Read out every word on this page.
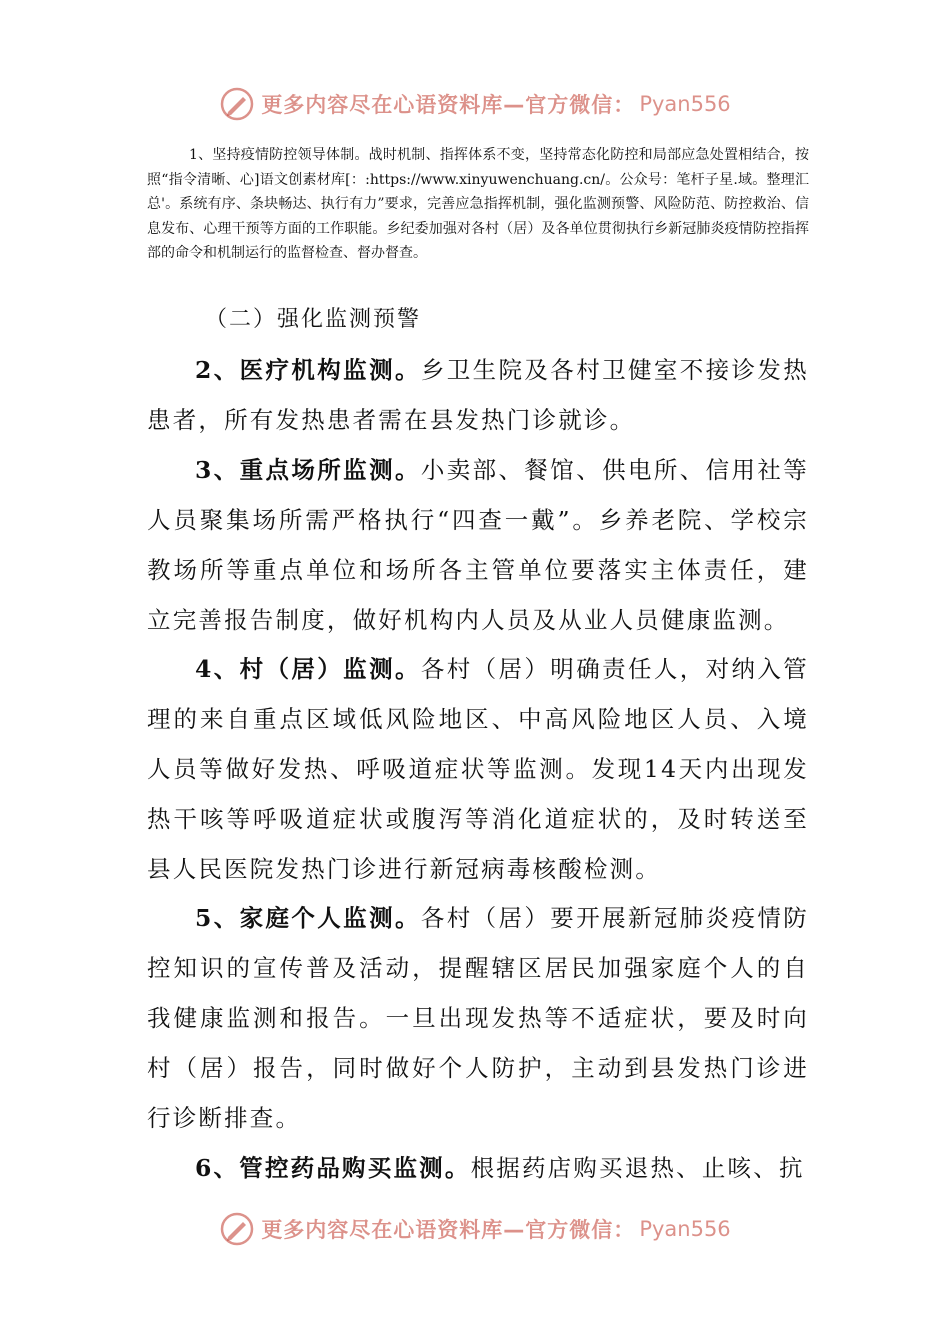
更多内容尽在心语资料库—官方微信： Pyan556

1、坚持疫情防控领导体制。战时机制、指挥体系不变，坚持常态化防控和局部应急处置相结合，按照“指令清晰、心]语文创素材库[：:https://www.xinyuwenchuang.cn/。公众号：笔杆子星.域。整理汇总'。系统有序、条块畅达、执行有力”要求，完善应急指挥机制，强化监测预警、风险防范、防控救治、信息发布、心理干预等方面的工作职能。乡纪委加强对各村（居）及各单位贯彻执行乡新冠肺炎疫情防控指挥部的命令和机制运行的监督检查、督办督查。

（二）强化监测预警

2、医疗机构监测。乡卫生院及各村卫健室不接诊发热患者，所有发热患者需在县发热门诊就诊。

3、重点场所监测。小卖部、餐馆、供电所、信用社等人员聚集场所需严格执行“四查一戴”。乡养老院、学校宗教场所等重点单位和场所各主管单位要落实主体责任，建立完善报告制度，做好机构内人员及从业人员健康监测。

4、村（居）监测。各村（居）明确责任人，对纳入管理的来自重点区域低风险地区、中高风险地区人员、入境人员等做好发热、呼吸道症状等监测。发现14天内出现发热干咳等呼吸道症状或腹泻等消化道症状的，及时转送至县人民医院发热门诊进行新冠病毒核酸检测。

5、家庭个人监测。各村（居）要开展新冠肺炎疫情防控知识的宣传普及活动，提醒辖区居民加强家庭个人的自我健康监测和报告。一旦出现发热等不适症状，要及时向村（居）报告，同时做好个人防护，主动到县发热门诊进行诊断排查。

6、管控药品购买监测。根据药店购买退热、止咳、抗

更多内容尽在心语资料库—官方微信： Pyan556
